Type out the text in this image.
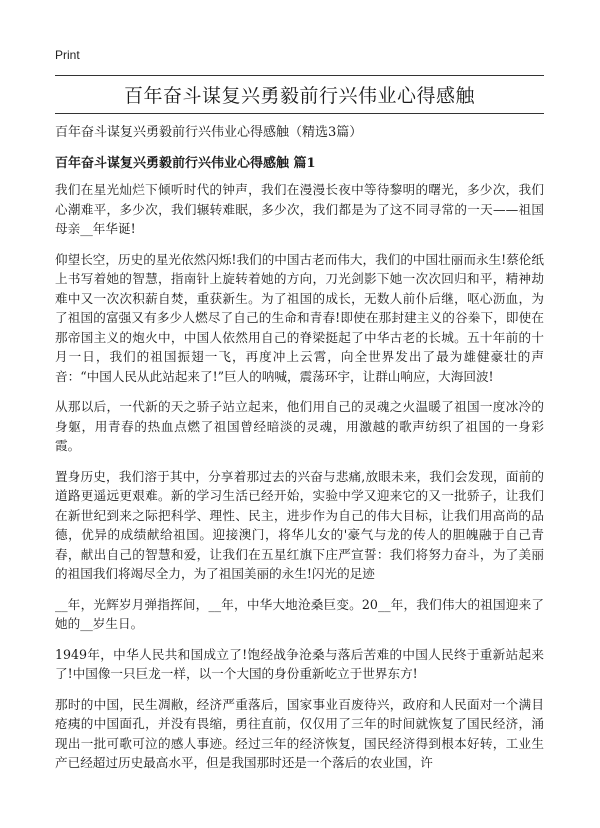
Print
百年奋斗谋复兴勇毅前行兴伟业心得感触

百年奋斗谋复兴勇毅前行兴伟业心得感触（精选3篇）

百年奋斗谋复兴勇毅前行兴伟业心得感触 篇1

我们在星光灿烂下倾听时代的钟声，我们在漫漫长夜中等待黎明的曙光，多少次，我们心潮难平，多少次，我们辗转难眠，多少次，我们都是为了这不同寻常的一天——祖国母亲__年华诞!

仰望长空，历史的星光依然闪烁!我们的中国古老而伟大，我们的中国壮丽而永生!蔡伦纸上书写着她的智慧，指南针上旋转着她的方向，刀光剑影下她一次次回归和平，精神劫难中又一次次积薪自焚，重获新生。为了祖国的成长，无数人前仆后继，呕心沥血，为了祖国的富强又有多少人燃尽了自己的生命和青春!即使在那封建主义的谷桊下，即使在那帝国主义的炮火中，中国人依然用自己的脊梁挺起了中华古老的长城。五十年前的十月一日，我们的祖国振翅一飞，再度冲上云霄，向全世界发出了最为雄健豪壮的声音：“中国人民从此站起来了!”巨人的呐喊，震荡环宇，让群山响应，大海回波!

从那以后，一代新的天之骄子站立起来，他们用自己的灵魂之火温暖了祖国一度冰冷的身躯，用青春的热血点燃了祖国曾经暗淡的灵魂，用激越的歌声纺织了祖国的一身彩霞。

置身历史，我们溶于其中，分享着那过去的兴奋与悲痛,放眼未来，我们会发现，面前的道路更遥远更艰难。新的学习生活已经开始，实验中学又迎来它的又一批骄子，让我们在新世纪到来之际把科学、理性、民主，进步作为自己的伟大目标，让我们用高尚的品德，优异的成绩献给祖国。迎接澳门，将华儿女的'豪气与龙的传人的胆魄融于自己青春，献出自己的智慧和爱，让我们在五星红旗下庄严宣誓：我们将努力奋斗，为了美丽的祖国我们将竭尽全力，为了祖国美丽的永生!闪光的足迹

__年，光辉岁月弹指挥间，__年，中华大地沧桑巨变。20__年，我们伟大的祖国迎来了她的__岁生日。

1949年，中华人民共和国成立了!饱经战争沧桑与落后苦难的中国人民终于重新站起来了!中国像一只巨龙一样，以一个大国的身份重新屹立于世界东方!

那时的中国，民生凋敝，经济严重落后，国家事业百废待兴，政府和人民面对一个满目疮痍的中国面孔，并没有畏缩，勇往直前，仅仅用了三年的时间就恢复了国民经济，涌现出一批可歌可泣的感人事迹。经过三年的经济恢复，国民经济得到根本好转，工业生产已经超过历史最高水平，但是我国那时还是一个落后的农业国，许
